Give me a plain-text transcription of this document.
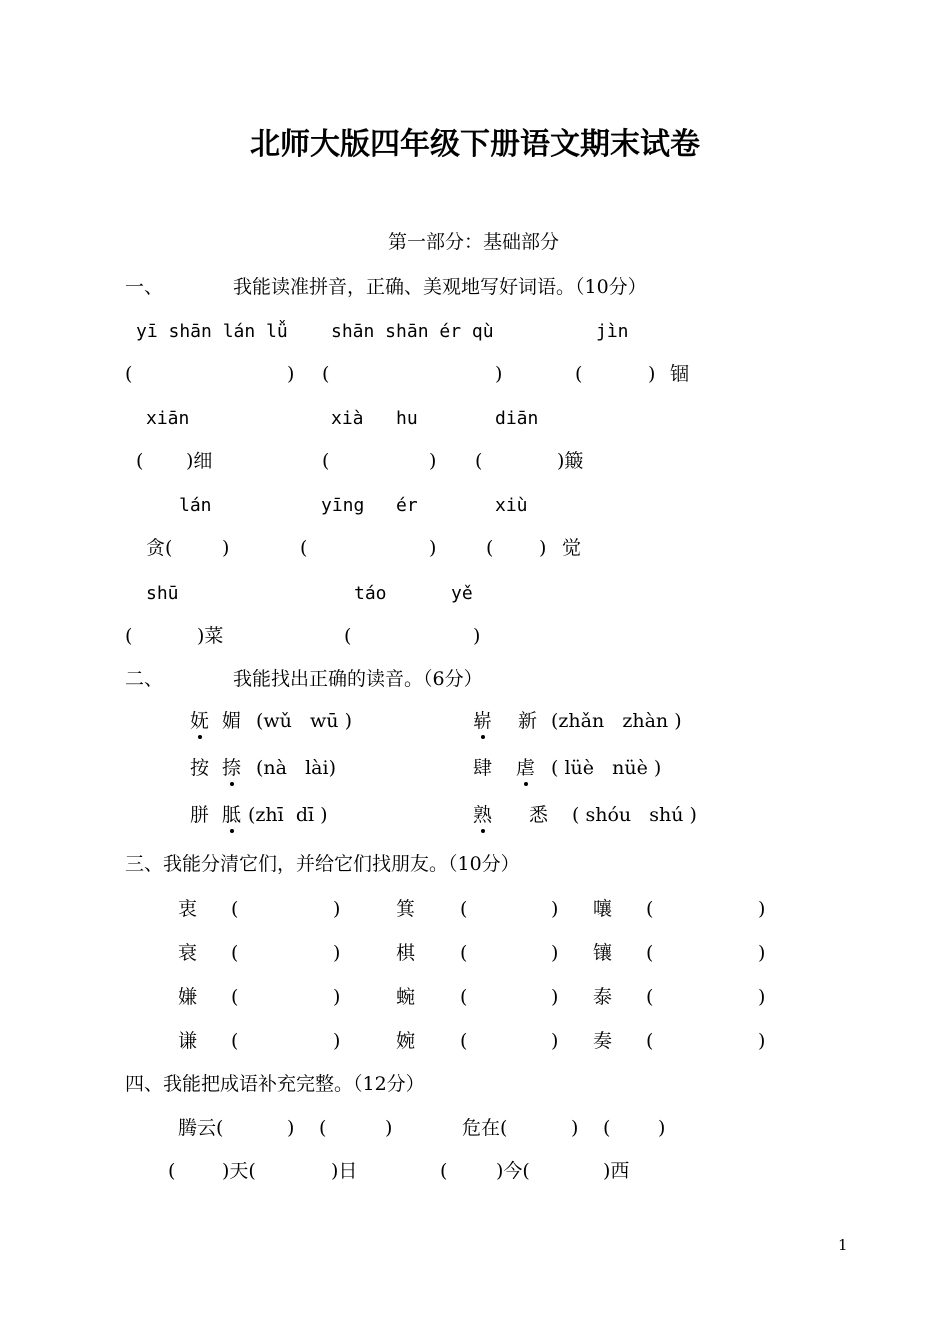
北师大版四年级下册语文期末试卷
第一部分：基础部分
一、	我能读准拼音，正确、美观地写好词语。（10分）
yī shān lán lǚ shān shān ér qù	jìn
(	) (	)	(	) 锢
xiān	xià hu	diān
( )细	(	) (	)簸
lán	yīng ér	xiù
贪(	)	(	)	( ) 觉
shū	táo	yě
(	)菜	(	)
二、	我能找出正确的读音。（6分）
妩 媚 (wǔ   wū )	崭 新 (zhǎn   zhàn )
按 捺 (nà   lài)	肆 虐 ( lüè   nüè )
胼 胝 (zhī  dī )	熟 悉 ( shóu   shú )
三、我能分清它们，并给它们找朋友。（10分）
衷 (	)	箕 (	) 嚷 (	)
衰 (	)	棋 (	) 镶 (	)
嫌 (	)	蜿 (	) 泰 (	)
谦 (	)	婉 (	) 奏 (	)
四、我能把成语补充完整。（12分）
腾云(	) (	)	危在(	) (	)
( )天(	)日	(	)今(	)西
1
